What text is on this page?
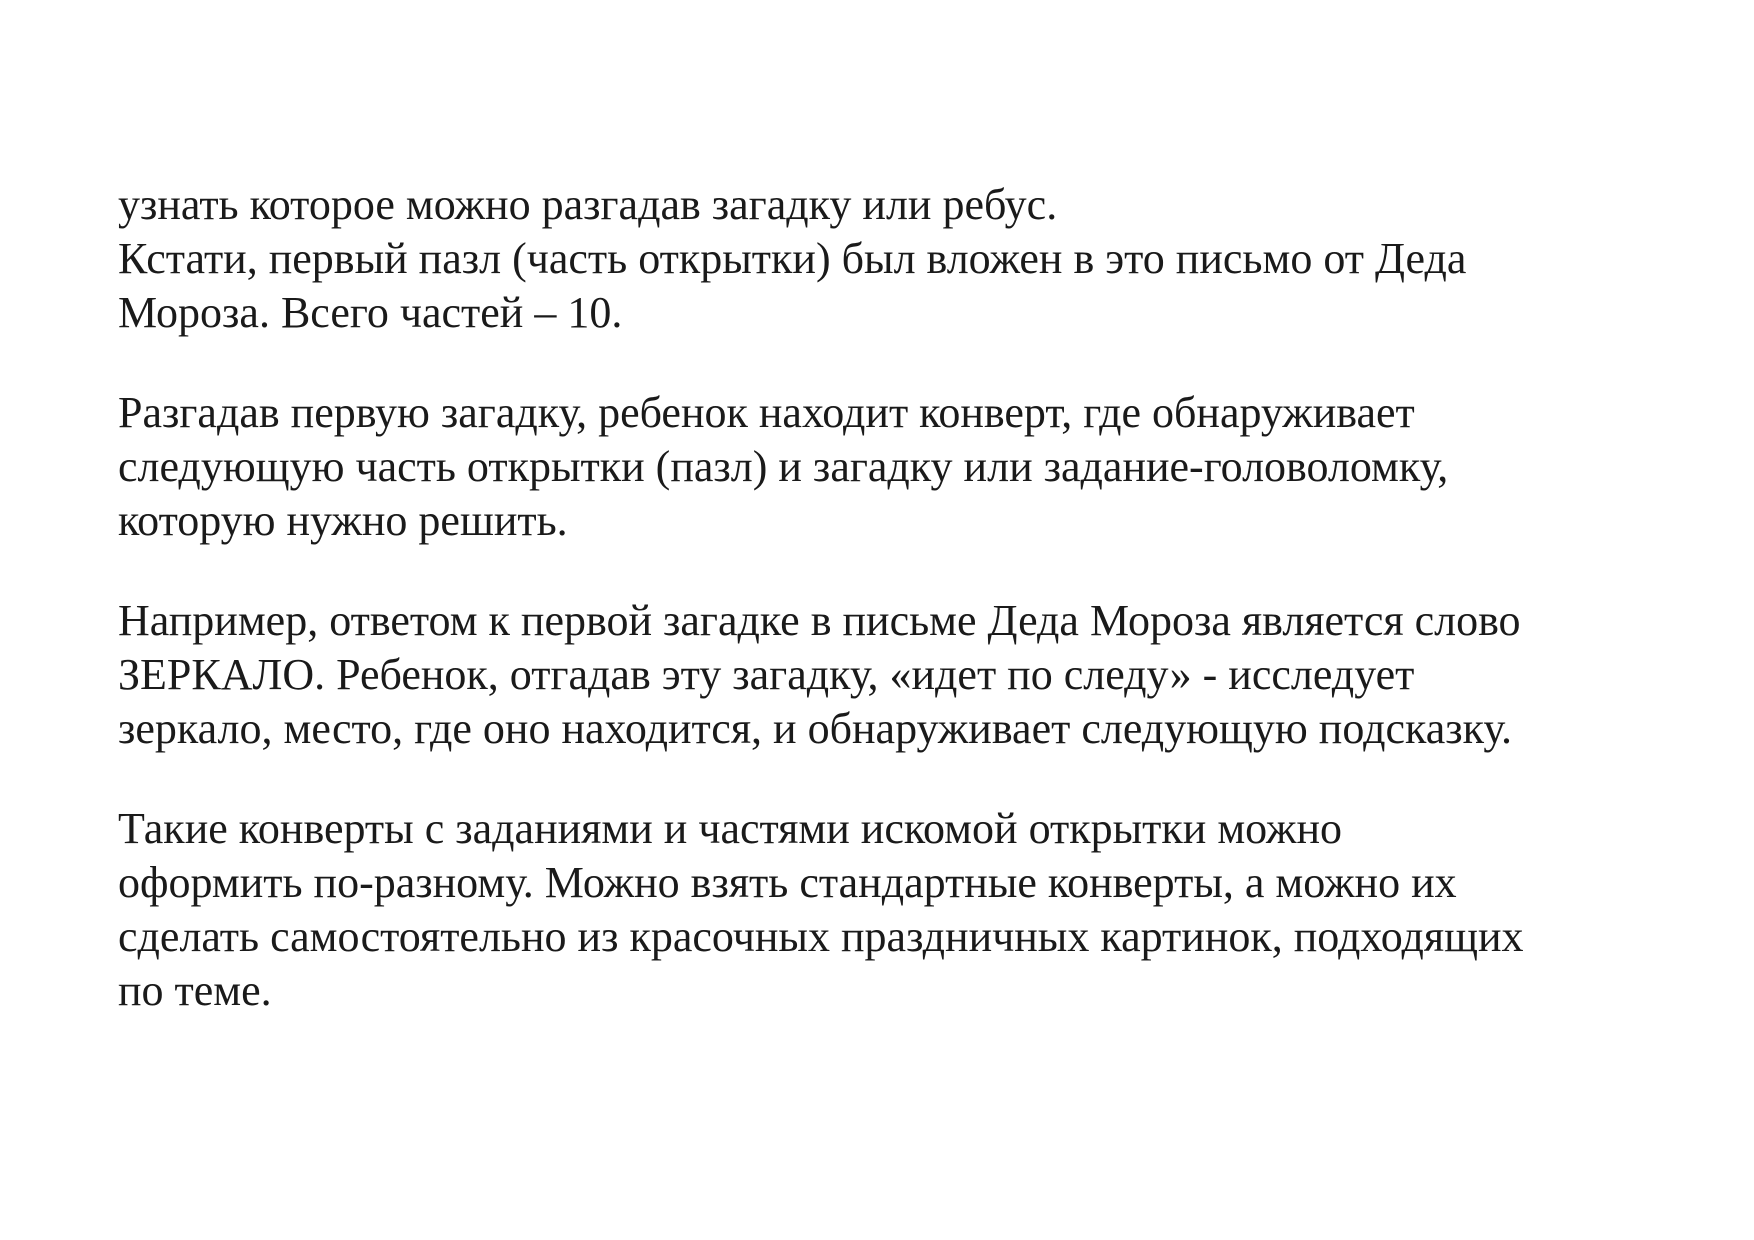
узнать которое можно разгадав загадку или ребус.
Кстати, первый пазл (часть открытки) был вложен в это письмо от Деда
Мороза. Всего частей – 10.

Разгадав первую загадку, ребенок находит конверт, где обнаруживает
следующую часть открытки (пазл) и загадку или задание-головоломку,
которую нужно решить.

Например, ответом к первой загадке в письме Деда Мороза является слово
ЗЕРКАЛО. Ребенок, отгадав эту загадку, «идет по следу» - исследует
зеркало, место, где оно находится, и обнаруживает следующую подсказку.

Такие конверты с заданиями и частями искомой открытки можно
оформить по-разному. Можно взять стандартные конверты, а можно их
сделать самостоятельно из красочных праздничных картинок, подходящих
по теме.
